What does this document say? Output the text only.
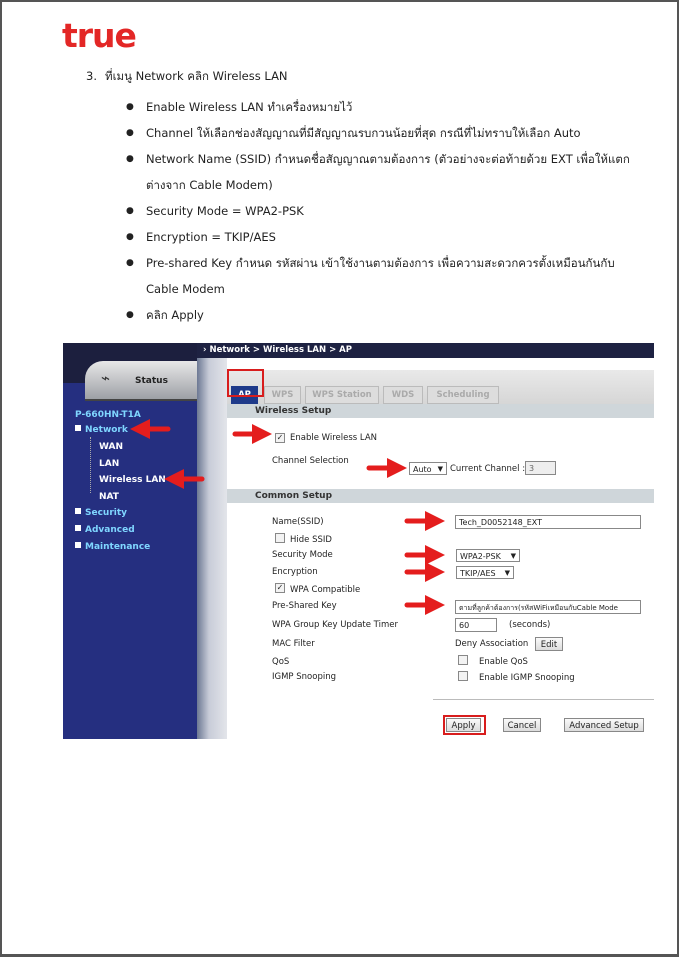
true
3. ที่เมนู Network คลิก Wireless LAN
● Enable Wireless LAN ทำเครื่องหมายไว้
● Channel ให้เลือกช่องสัญญาณที่มีสัญญาณรบกวนน้อยที่สุด กรณีที่ไม่ทราบให้เลือก Auto
● Network Name (SSID) กำหนดชื่อสัญญาณตามต้องการ (ตัวอย่างจะต่อท้ายด้วย EXT เพื่อให้แตกต่างจาก Cable Modem)
● Security Mode = WPA2-PSK
● Encryption = TKIP/AES
● Pre-shared Key กำหนด รหัสผ่าน เข้าใช้งานตามต้องการ เพื่อความสะดวกควรตั้งเหมือนกันกับ Cable Modem
● คลิก Apply
⌁	Status
P-660HN-T1A
Network
WAN
LAN
Wireless LAN
NAT
Security
Advanced
Maintenance
› Network > Wireless LAN > AP
AP	WPS	WPS Station	WDS	Scheduling
Wireless Setup
✓ Enable Wireless LAN
Channel Selection
Auto ▼ Current Channel : 3
Common Setup
Name(SSID)	Tech_D0052148_EXT
Hide SSID
Security Mode	WPA2-PSK ▼
Encryption	TKIP/AES ▼
✓ WPA Compatible
Pre-Shared Key	ตามที่ลูกค้าต้องการ(รหัสWiFiเหมือนกับCable Mode
WPA Group Key Update Timer	60	(seconds)
MAC Filter	Deny Association	Edit
QoS	Enable QoS
IGMP Snooping	Enable IGMP Snooping
Apply	Cancel	Advanced Setup
